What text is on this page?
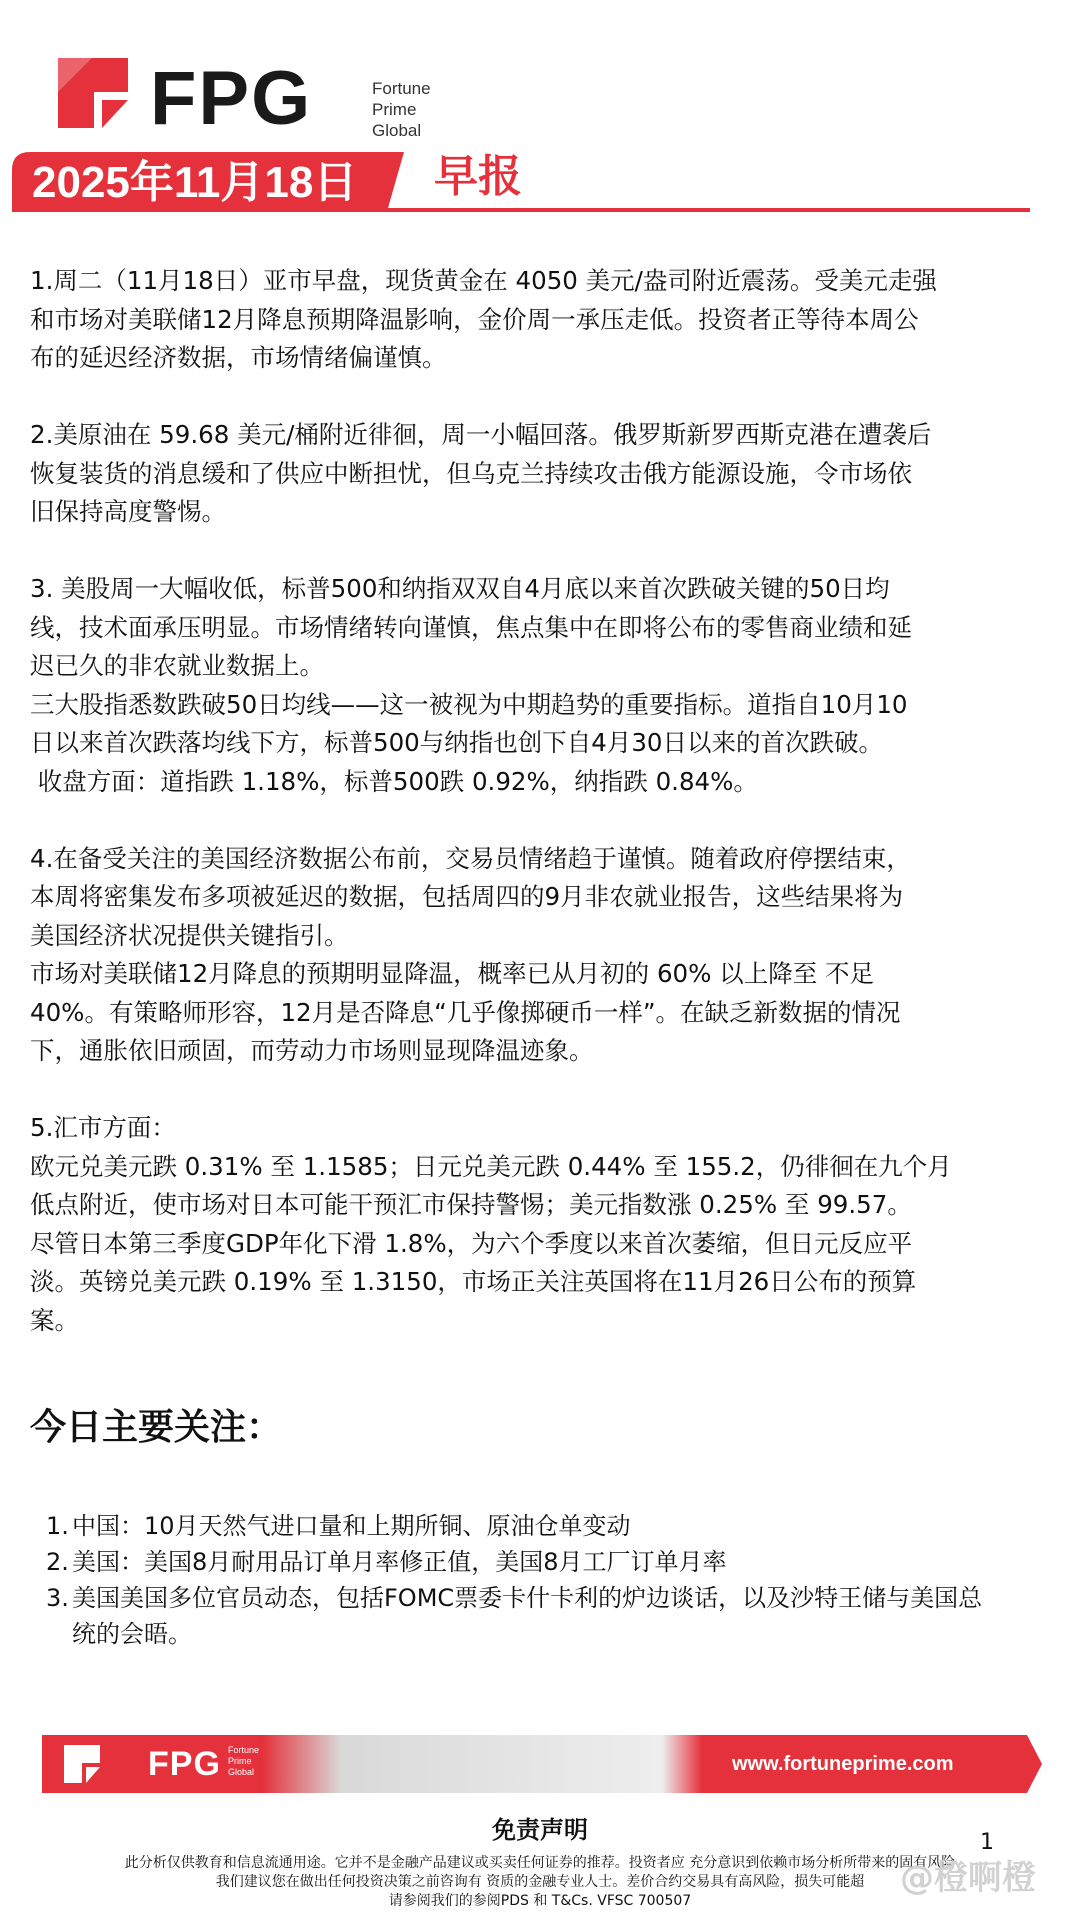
FPG	Fortune
Prime
Global
2025年11月18日 早报
1.周二（11月18日）亚市早盘，现货黄金在 4050 美元/盎司附近震荡。受美元走强
和市场对美联储12月降息预期降温影响，金价周一承压走低。投资者正等待本周公
布的延迟经济数据，市场情绪偏谨慎。
2.美原油在 59.68 美元/桶附近徘徊，周一小幅回落。俄罗斯新罗西斯克港在遭袭后
恢复装货的消息缓和了供应中断担忧，但乌克兰持续攻击俄方能源设施，令市场依
旧保持高度警惕。
3. 美股周一大幅收低，标普500和纳指双双自4月底以来首次跌破关键的50日均
线，技术面承压明显。市场情绪转向谨慎，焦点集中在即将公布的零售商业绩和延
迟已久的非农就业数据上。
三大股指悉数跌破50日均线——这一被视为中期趋势的重要指标。道指自10月10
日以来首次跌落均线下方，标普500与纳指也创下自4月30日以来的首次跌破。
收盘方面：道指跌 1.18%，标普500跌 0.92%，纳指跌 0.84%。
4.在备受关注的美国经济数据公布前，交易员情绪趋于谨慎。随着政府停摆结束，
本周将密集发布多项被延迟的数据，包括周四的9月非农就业报告，这些结果将为
美国经济状况提供关键指引。
市场对美联储12月降息的预期明显降温，概率已从月初的 60% 以上降至 不足
40%。有策略师形容，12月是否降息“几乎像掷硬币一样”。在缺乏新数据的情况
下，通胀依旧顽固，而劳动力市场则显现降温迹象。
5.汇市方面：
欧元兑美元跌 0.31% 至 1.1585；日元兑美元跌 0.44% 至 155.2，仍徘徊在九个月
低点附近，使市场对日本可能干预汇市保持警惕；美元指数涨 0.25% 至 99.57。
尽管日本第三季度GDP年化下滑 1.8%，为六个季度以来首次萎缩，但日元反应平
淡。英镑兑美元跌 0.19% 至 1.3150，市场正关注英国将在11月26日公布的预算
案。
今日主要关注：
1. 中国：10月天然气进口量和上期所铜、原油仓单变动
2. 美国：美国8月耐用品订单月率修正值，美国8月工厂订单月率
3. 美国美国多位官员动态，包括FOMC票委卡什卡利的炉边谈话，以及沙特王储与美国总
统的会晤。
FPG Fortune
Prime
Global	www.fortuneprime.com
免责声明
此分析仅供教育和信息流通用途。它并不是金融产品建议或买卖任何证券的推荐。投资者应 充分意识到依赖市场分析所带来的固有风险
我们建议您在做出任何投资决策之前咨询有 资质的金融专业人士。差价合约交易具有高风险，损失可能超
请参阅我们的参阅PDS 和 T&Cs. VFSC 700507
1
@橙啊橙
